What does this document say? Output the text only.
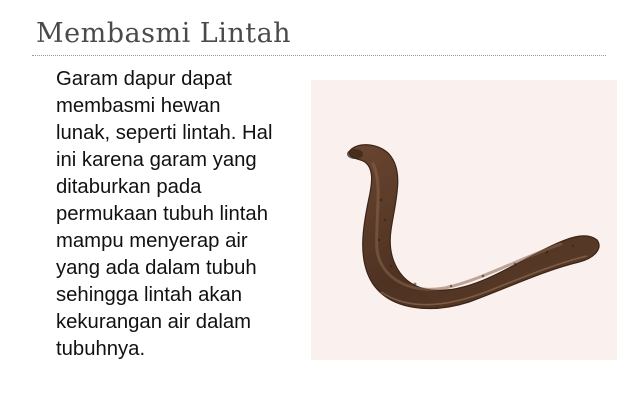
Membasmi Lintah
Garam dapur dapat
membasmi hewan
lunak, seperti lintah. Hal
ini karena garam yang
ditaburkan pada
permukaan tubuh lintah
mampu menyerap air
yang ada dalam tubuh
sehingga lintah akan
kekurangan air dalam
tubuhnya.
